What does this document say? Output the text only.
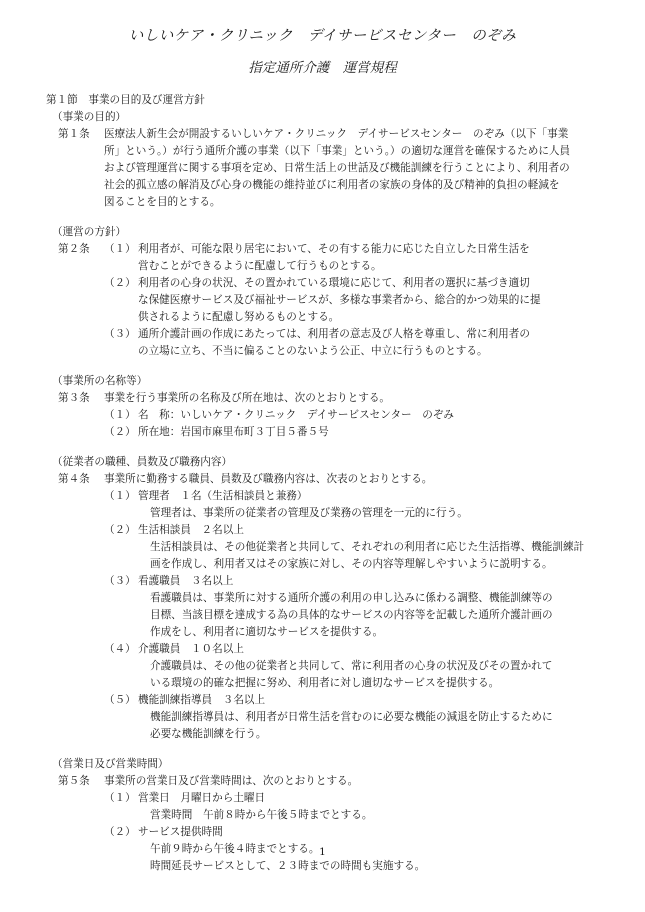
いしいケア・クリニック　デイサービスセンター　のぞみ
指定通所介護　運営規程
第１節　事業の目的及び運営方針
（事業の目的）
第１条	医療法人新生会が開設するいしいケア・クリニック　デイサービスセンター　のぞみ（以下「事業

所」という。）が行う通所介護の事業（以下「事業」という。）の適切な運営を確保するために人員

および管理運営に関する事項を定め、日常生活上の世話及び機能訓練を行うことにより、利用者の

社会的孤立感の解消及び心身の機能の維持並びに利用者の家族の身体的及び精神的負担の軽減を

図ることを目的とする。

（運営の方針）
第２条	（１） 利用者が、可能な限り居宅において、その有する能力に応じた自立した日常生活を

営むことができるように配慮して行うものとする。

（２） 利用者の心身の状況、その置かれている環境に応じて、利用者の選択に基づき適切

な保健医療サービス及び福祉サービスが、多様な事業者から、総合的かつ効果的に提

供されるように配慮し努めるものとする。

（３） 通所介護計画の作成にあたっては、利用者の意志及び人格を尊重し、常に利用者の

の立場に立ち、不当に偏ることのないよう公正、中立に行うものとする。

（事業所の名称等）
第３条	事業を行う事業所の名称及び所在地は、次のとおりとする。

（１） 名　称：いしいケア・クリニック　デイサービスセンター　のぞみ
（２） 所在地：岩国市麻里布町３丁目５番５号
（従業者の職種、員数及び職務内容）
第４条	事業所に勤務する職員、員数及び職務内容は、次表のとおりとする。

（１） 管理者　１名（生活相談員と兼務）

管理者は、事業所の従業者の管理及び業務の管理を一元的に行う。

（２） 生活相談員　２名以上

生活相談員は、その他従業者と共同して、それぞれの利用者に応じた生活指導、機能訓練計

画を作成し、利用者又はその家族に対し、その内容等理解しやすいように説明する。

（３） 看護職員　３名以上

看護職員は、事業所に対する通所介護の利用の申し込みに係わる調整、機能訓練等の

目標、当該目標を達成する為の具体的なサービスの内容等を記載した通所介護計画の

作成をし、利用者に適切なサービスを提供する。

（４） 介護職員　１０名以上

介護職員は、その他の従業者と共同して、常に利用者の心身の状況及びその置かれて

いる環境の的確な把握に努め、利用者に対し適切なサービスを提供する。

（５） 機能訓練指導員　３名以上

機能訓練指導員は、利用者が日常生活を営むのに必要な機能の減退を防止するために

必要な機能訓練を行う。

（営業日及び営業時間）
第５条	事業所の営業日及び営業時間は、次のとおりとする。

（１） 営業日　月曜日から土曜日

営業時間　午前８時から午後５時までとする。

（２） サービス提供時間

午前９時から午後４時までとする。

時間延長サービスとして、２３時までの時間も実施する。

1
